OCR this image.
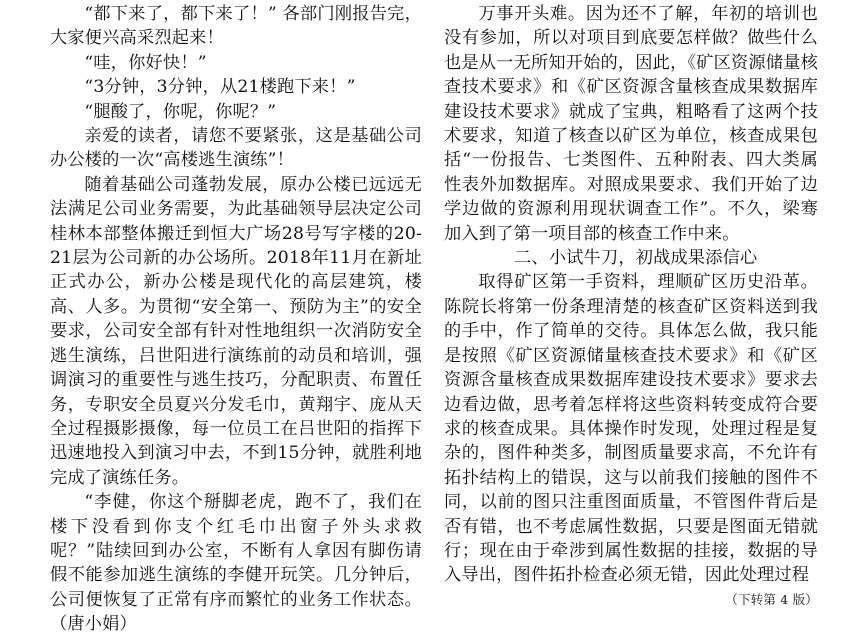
“都下来了，都下来了！” 各部门刚报告完，大家便兴高采烈起来！

“哇，你好快！”

“3分钟，3分钟，从21楼跑下来！”

“腿酸了，你呢，你呢？”

亲爱的读者，请您不要紧张，这是基础公司办公楼的一次“高楼逃生演练”！

随着基础公司蓬勃发展，原办公楼已远远无法满足公司业务需要，为此基础领导层决定公司桂林本部整体搬迁到恒大广场28号写字楼的20-21层为公司新的办公场所。2018年11月在新址正式办公，新办公楼是现代化的高层建筑，楼高、人多。为贯彻“安全第一、预防为主”的安全要求，公司安全部有针对性地组织一次消防安全逃生演练，吕世阳进行演练前的动员和培训，强调演习的重要性与逃生技巧，分配职责、布置任务，专职安全员夏兴分发毛巾，黄翔宇、庞从天全过程摄影摄像，每一位员工在吕世阳的指挥下迅速地投入到演习中去，不到15分钟，就胜利地完成了演练任务。

“李健，你这个掰脚老虎，跑不了，我们在楼下没看到你支个红毛巾出窗子外头求救呢？”陆续回到办公室，不断有人拿因有脚伤请假不能参加逃生演练的李健开玩笑。几分钟后，公司便恢复了正常有序而繁忙的业务工作状态。（唐小娟）

万事开头难。因为还不了解，年初的培训也没有参加，所以对项目到底要怎样做？做些什么也是从一无所知开始的，因此，《矿区资源储量核查技术要求》和《矿区资源含量核查成果数据库建设技术要求》就成了宝典，粗略看了这两个技术要求，知道了核查以矿区为单位，核查成果包括“一份报告、七类图件、五种附表、四大类属性表外加数据库。对照成果要求、我们开始了边学边做的资源利用现状调查工作”。不久，梁骞加入到了第一项目部的核查工作中来。

二、小试牛刀，初战成果添信心

取得矿区第一手资料，理顺矿区历史沿革。陈院长将第一份条理清楚的核查矿区资料送到我的手中，作了简单的交待。具体怎么做，我只能是按照《矿区资源储量核查技术要求》和《矿区资源含量核查成果数据库建设技术要求》要求去边看边做，思考着怎样将这些资料转变成符合要求的核查成果。具体操作时发现，处理过程是复杂的，图件种类多，制图质量要求高，不允许有拓扑结构上的错误，这与以前我们接触的图件不同，以前的图只注重图面质量，不管图件背后是否有错，也不考虑属性数据，只要是图面无错就行；现在由于牵涉到属性数据的挂接，数据的导入导出，图件拓扑检查必须无错，因此处理过程

（下转第 4 版）
